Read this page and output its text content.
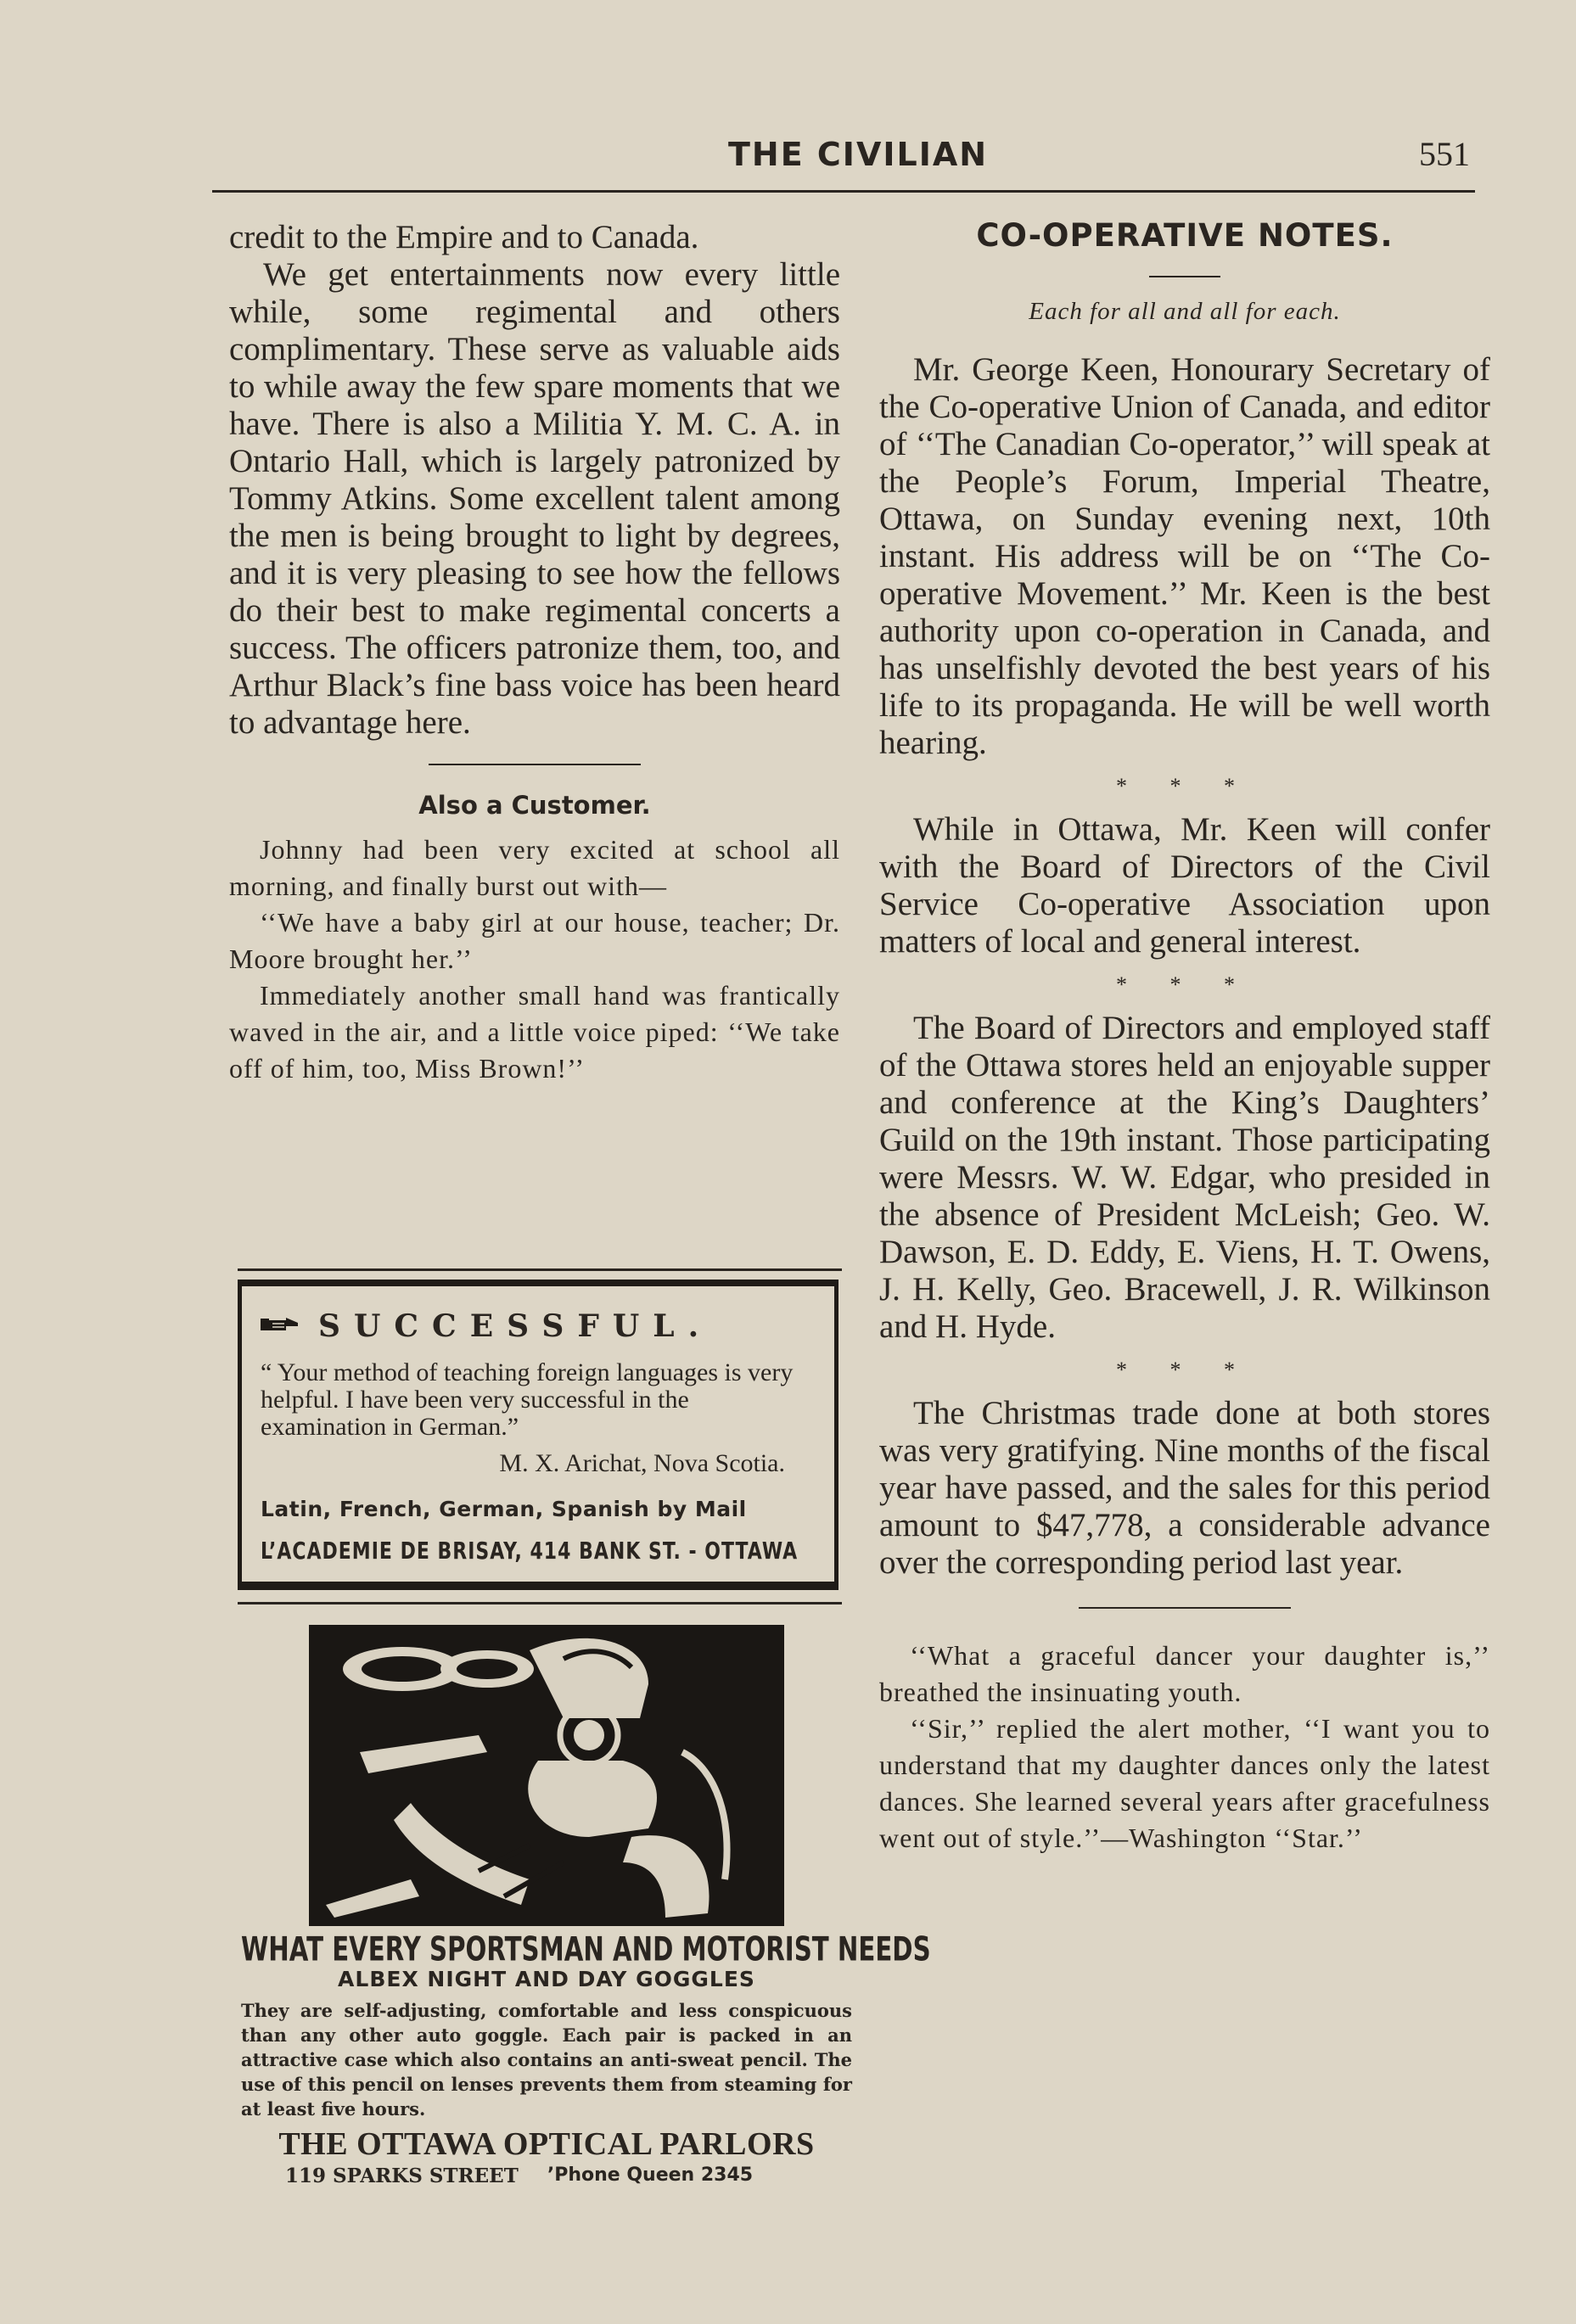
THE CIVILIAN	551

credit to the Empire and to Canada.

We get entertainments now every little while, some regimental and others complimentary. These serve as valuable aids to while away the few spare moments that we have. There is also a Militia Y. M. C. A. in Ontario Hall, which is largely patronized by Tommy Atkins. Some excellent talent among the men is being brought to light by degrees, and it is very pleasing to see how the fellows do their best to make regimental concerts a success. The officers patronize them, too, and Arthur Black’s fine bass voice has been heard to advantage here.

Also a Customer.

Johnny had been very excited at school all morning, and finally burst out with—

‘‘We have a baby girl at our house, teacher; Dr. Moore brought her.’’

Immediately another small hand was frantically waved in the air, and a little voice piped: ‘‘We take off of him, too, Miss Brown!’’

SUCCESSFUL.

“ Your method of teaching foreign languages is very helpful. I have been very successful in the examination in German.”

M. X. Arichat, Nova Scotia.

Latin, French, German, Spanish by Mail

L’ACADEMIE DE BRISAY, 414 BANK ST. - OTTAWA

WHAT EVERY SPORTSMAN AND MOTORIST NEEDS
ALBEX NIGHT AND DAY GOGGLES

They are self-adjusting, comfortable and less conspicuous than any other auto goggle. Each pair is packed in an attractive case which also contains an anti-sweat pencil. The use of this pencil on lenses prevents them from steaming for at least five hours.

THE OTTAWA OPTICAL PARLORS
119 SPARKS STREET ’Phone Queen 2345
CO-OPERATIVE NOTES.
Each for all and all for each.

Mr. George Keen, Honourary Secretary of the Co-operative Union of Canada, and editor of ‘‘The Canadian Co-operator,’’ will speak at the People’s Forum, Imperial Theatre, Ottawa, on Sunday evening next, 10th instant. His address will be on ‘‘The Co-operative Movement.’’ Mr. Keen is the best authority upon co-operation in Canada, and has unselfishly devoted the best years of his life to its propaganda. He will be well worth hearing.

* * *

While in Ottawa, Mr. Keen will confer with the Board of Directors of the Civil Service Co-operative Association upon matters of local and general interest.

* * *

The Board of Directors and employed staff of the Ottawa stores held an enjoyable supper and conference at the King’s Daughters’ Guild on the 19th instant. Those participating were Messrs. W. W. Edgar, who presided in the absence of President McLeish; Geo. W. Dawson, E. D. Eddy, E. Viens, H. T. Owens, J. H. Kelly, Geo. Bracewell, J. R. Wilkinson and H. Hyde.

* * *

The Christmas trade done at both stores was very gratifying. Nine months of the fiscal year have passed, and the sales for this period amount to $47,778, a considerable advance over the corresponding period last year.

‘‘What a graceful dancer your daughter is,’’ breathed the insinuating youth.

‘‘Sir,’’ replied the alert mother, ‘‘I want you to understand that my daughter dances only the latest dances. She learned several years after gracefulness went out of style.’’—Washington ‘‘Star.’’
